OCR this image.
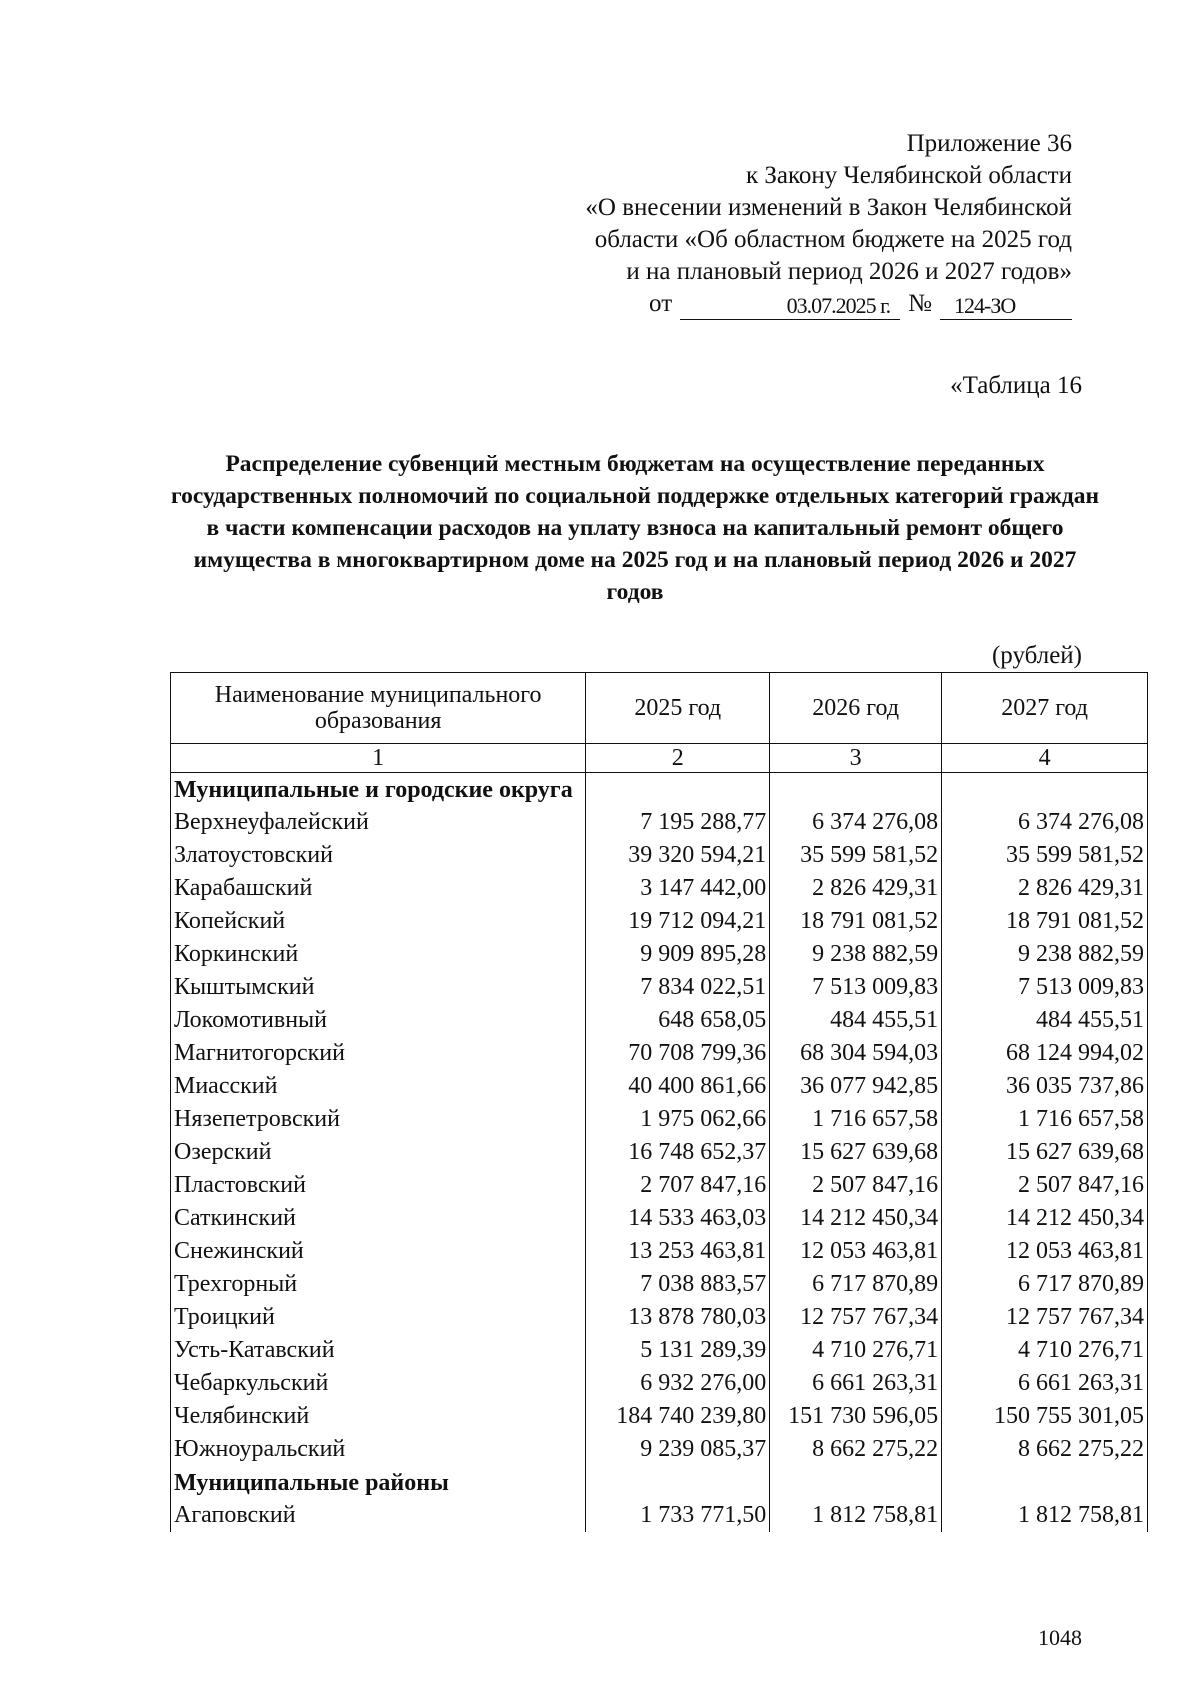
Приложение 36
к Закону Челябинской области
«О внесении изменений в Закон Челябинской
области «Об областном бюджете на 2025 год
и на плановый период 2026 и 2027 годов»
от	03.07.2025 г. №	124-ЗО
«Таблица 16
Распределение субвенций местным бюджетам на осуществление переданных государственных полномочий по социальной поддержке отдельных категорий граждан в части компенсации расходов на уплату взноса на капитальный ремонт общего имущества в многоквартирном доме на 2025 год и на плановый период 2026 и 2027 годов
(рублей)
Наименование муниципального образования	2025 год	2026 год	2027 год
1	2	3	4
Муниципальные и городские округа			
Верхнеуфалейский	7 195 288,77	6 374 276,08	6 374 276,08
Златоустовский	39 320 594,21	35 599 581,52	35 599 581,52
Карабашский	3 147 442,00	2 826 429,31	2 826 429,31
Копейский	19 712 094,21	18 791 081,52	18 791 081,52
Коркинский	9 909 895,28	9 238 882,59	9 238 882,59
Кыштымский	7 834 022,51	7 513 009,83	7 513 009,83
Локомотивный	648 658,05	484 455,51	484 455,51
Магнитогорский	70 708 799,36	68 304 594,03	68 124 994,02
Миасский	40 400 861,66	36 077 942,85	36 035 737,86
Нязепетровский	1 975 062,66	1 716 657,58	1 716 657,58
Озерский	16 748 652,37	15 627 639,68	15 627 639,68
Пластовский	2 707 847,16	2 507 847,16	2 507 847,16
Саткинский	14 533 463,03	14 212 450,34	14 212 450,34
Снежинский	13 253 463,81	12 053 463,81	12 053 463,81
Трехгорный	7 038 883,57	6 717 870,89	6 717 870,89
Троицкий	13 878 780,03	12 757 767,34	12 757 767,34
Усть-Катавский	5 131 289,39	4 710 276,71	4 710 276,71
Чебаркульский	6 932 276,00	6 661 263,31	6 661 263,31
Челябинский	184 740 239,80	151 730 596,05	150 755 301,05
Южноуральский	9 239 085,37	8 662 275,22	8 662 275,22
Муниципальные районы			
Агаповский	1 733 771,50	1 812 758,81	1 812 758,81
1048
